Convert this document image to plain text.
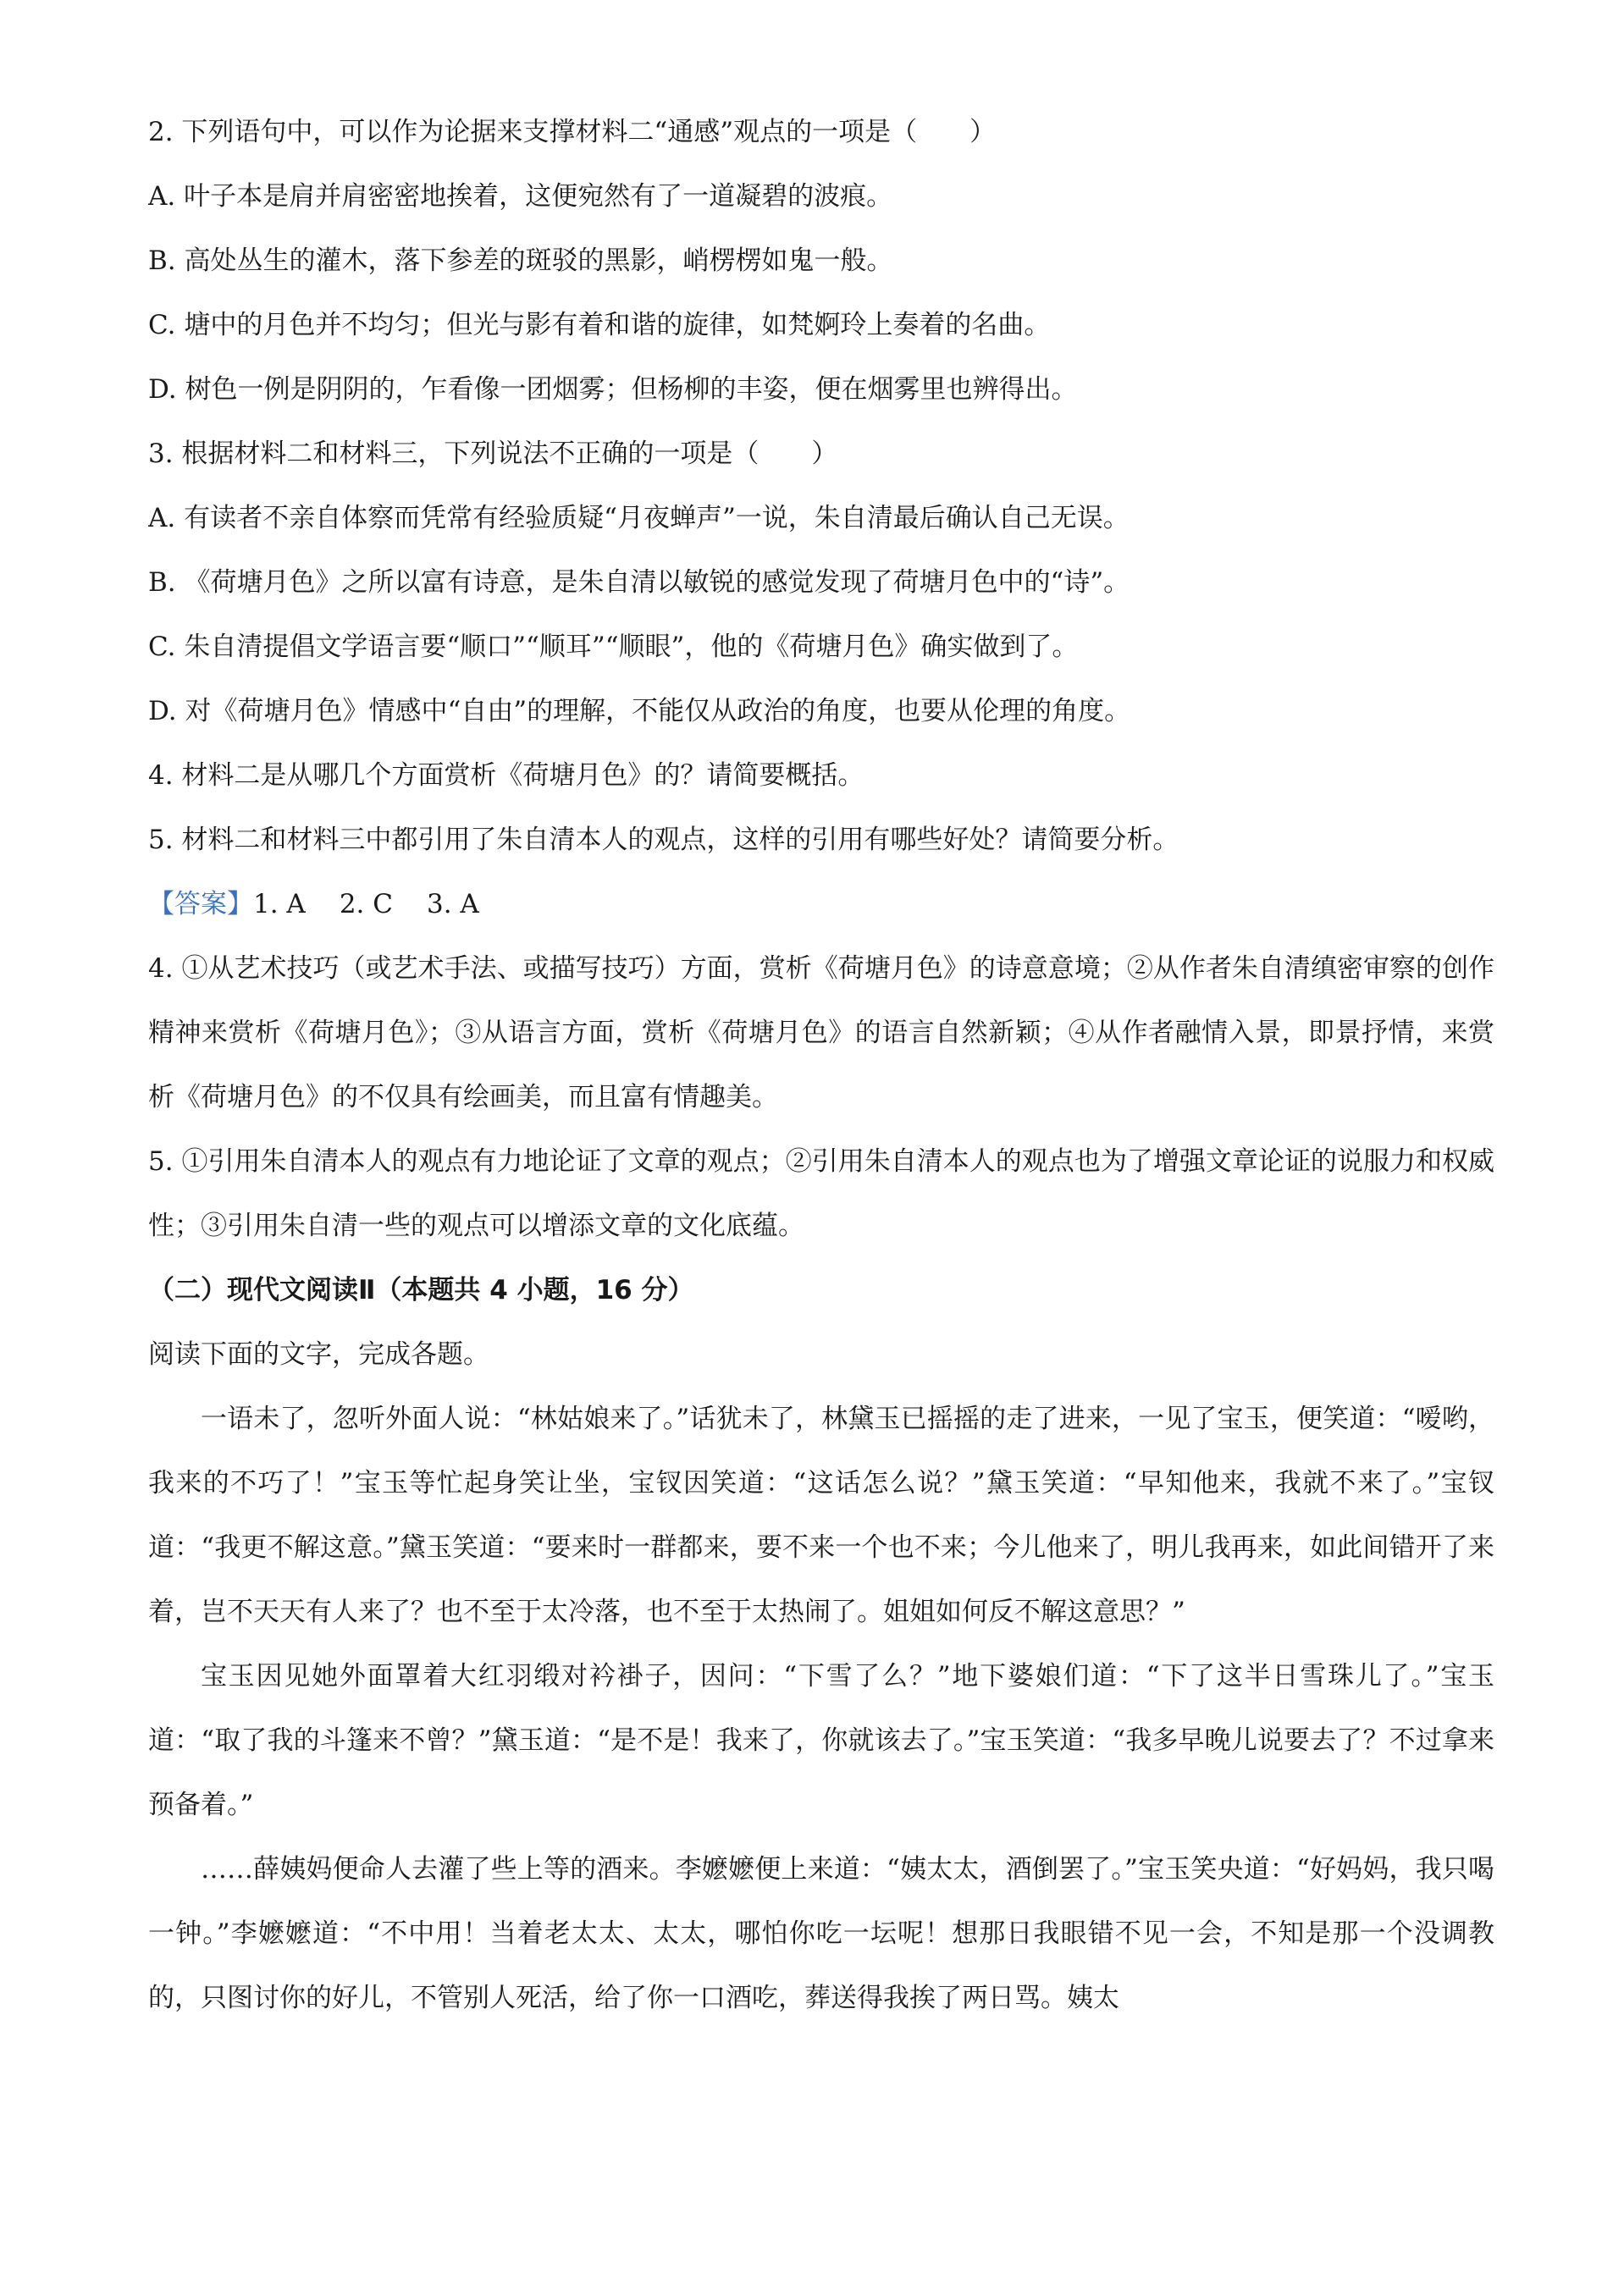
2. 下列语句中，可以作为论据来支撑材料二“通感”观点的一项是（　　）
A. 叶子本是肩并肩密密地挨着，这便宛然有了一道凝碧的波痕。
B. 高处丛生的灌木，落下参差的斑驳的黑影，峭楞楞如鬼一般。
C. 塘中的月色并不均匀；但光与影有着和谐的旋律，如梵婀玲上奏着的名曲。
D. 树色一例是阴阴的，乍看像一团烟雾；但杨柳的丰姿，便在烟雾里也辨得出。
3. 根据材料二和材料三，下列说法不正确的一项是（　　）
A. 有读者不亲自体察而凭常有经验质疑“月夜蝉声”一说，朱自清最后确认自己无误。
B. 《荷塘月色》之所以富有诗意，是朱自清以敏锐的感觉发现了荷塘月色中的“诗”。
C. 朱自清提倡文学语言要“顺口”“顺耳”“顺眼”，他的《荷塘月色》确实做到了。
D. 对《荷塘月色》情感中“自由”的理解，不能仅从政治的角度，也要从伦理的角度。
4. 材料二是从哪几个方面赏析《荷塘月色》的？请简要概括。
5. 材料二和材料三中都引用了朱自清本人的观点，这样的引用有哪些好处？请简要分析。
【答案】1. A 2. C 3. A
4. ①从艺术技巧（或艺术手法、或描写技巧）方面，赏析《荷塘月色》的诗意意境；②从作者朱自清缜密审察的创作精神来赏析《荷塘月色》；③从语言方面，赏析《荷塘月色》的语言自然新颖；④从作者融情入景，即景抒情，来赏析《荷塘月色》的不仅具有绘画美，而且富有情趣美。
5. ①引用朱自清本人的观点有力地论证了文章的观点；②引用朱自清本人的观点也为了增强文章论证的说服力和权威性；③引用朱自清一些的观点可以增添文章的文化底蕴。
（二）现代文阅读Ⅱ（本题共 4 小题，16 分）
阅读下面的文字，完成各题。
一语未了，忽听外面人说：“林姑娘来了。”话犹未了，林黛玉已摇摇的走了进来，一见了宝玉，便笑道：“嗳哟，我来的不巧了！”宝玉等忙起身笑让坐，宝钗因笑道：“这话怎么说？”黛玉笑道：“早知他来，我就不来了。”宝钗道：“我更不解这意。”黛玉笑道：“要来时一群都来，要不来一个也不来；今儿他来了，明儿我再来，如此间错开了来着，岂不天天有人来了？也不至于太冷落，也不至于太热闹了。姐姐如何反不解这意思？”
宝玉因见她外面罩着大红羽缎对衿褂子，因问：“下雪了么？”地下婆娘们道：“下了这半日雪珠儿了。”宝玉道：“取了我的斗篷来不曾？”黛玉道：“是不是！我来了，你就该去了。”宝玉笑道：“我多早晚儿说要去了？不过拿来预备着。”
……薛姨妈便命人去灌了些上等的酒来。李嬷嬷便上来道：“姨太太，酒倒罢了。”宝玉笑央道：“好妈妈，我只喝一钟。”李嬷嬷道：“不中用！当着老太太、太太，哪怕你吃一坛呢！想那日我眼错不见一会，不知是那一个没调教的，只图讨你的好儿，不管别人死活，给了你一口酒吃，葬送得我挨了两日骂。姨太
